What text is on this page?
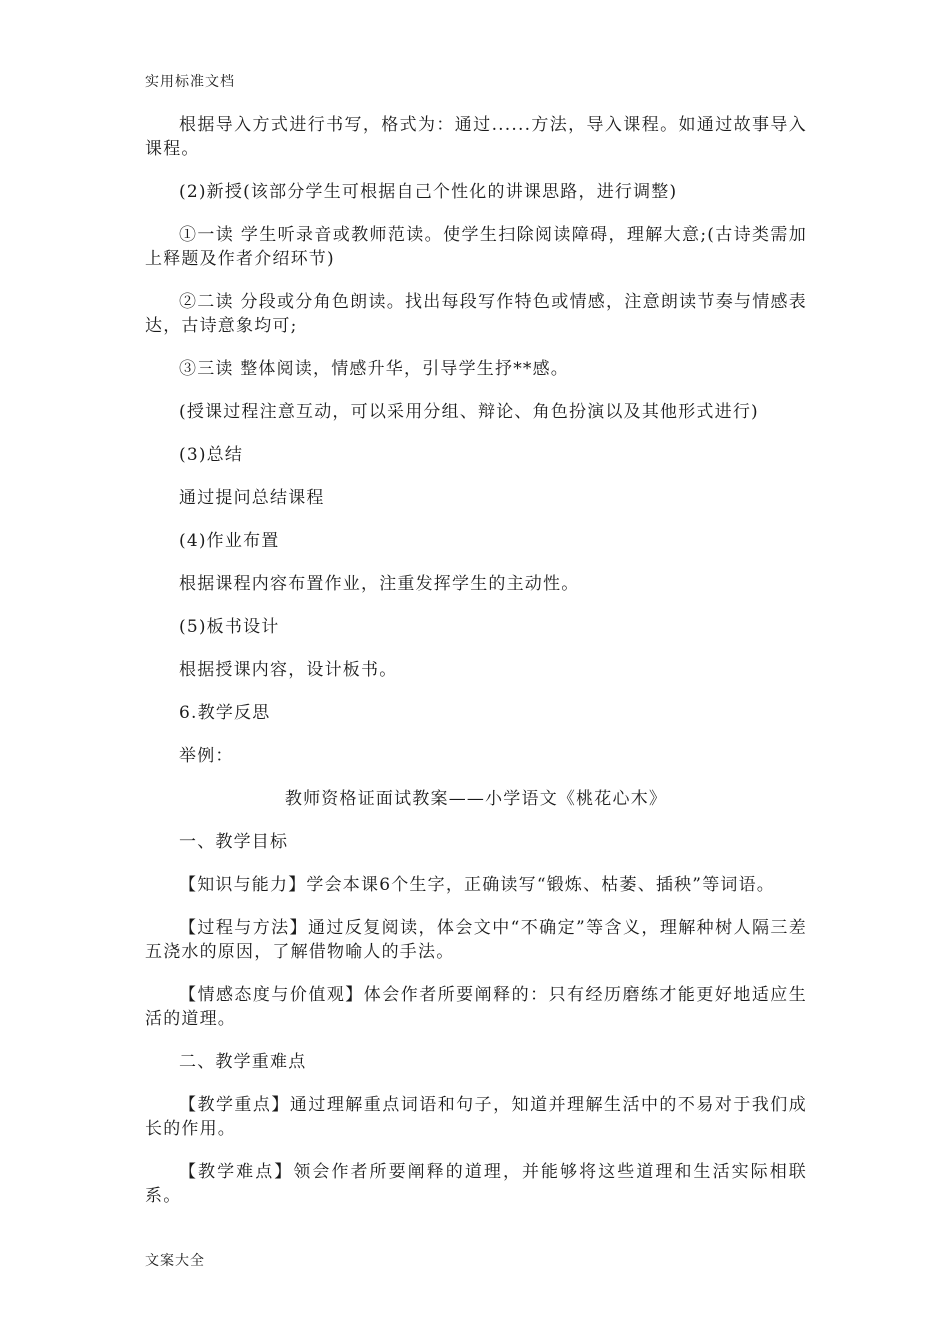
实用标准文档

根据导入方式进行书写，格式为：通过......方法，导入课程。如通过故事导入课程。

(2)新授(该部分学生可根据自己个性化的讲课思路，进行调整)

①一读 学生听录音或教师范读。使学生扫除阅读障碍，理解大意;(古诗类需加上释题及作者介绍环节)

②二读 分段或分角色朗读。找出每段写作特色或情感，注意朗读节奏与情感表达，古诗意象均可;

③三读 整体阅读，情感升华，引导学生抒**感。

(授课过程注意互动，可以采用分组、辩论、角色扮演以及其他形式进行)

(3)总结

通过提问总结课程

(4)作业布置

根据课程内容布置作业，注重发挥学生的主动性。

(5)板书设计

根据授课内容，设计板书。

6.教学反思

举例：

教师资格证面试教案——小学语文《桃花心木》

一、教学目标

【知识与能力】学会本课6个生字，正确读写“锻炼、枯萎、插秧”等词语。

【过程与方法】通过反复阅读，体会文中“不确定”等含义，理解种树人隔三差五浇水的原因，了解借物喻人的手法。

【情感态度与价值观】体会作者所要阐释的：只有经历磨练才能更好地适应生活的道理。

二、教学重难点

【教学重点】通过理解重点词语和句子，知道并理解生活中的不易对于我们成长的作用。

【教学难点】领会作者所要阐释的道理，并能够将这些道理和生活实际相联系。

文案大全
